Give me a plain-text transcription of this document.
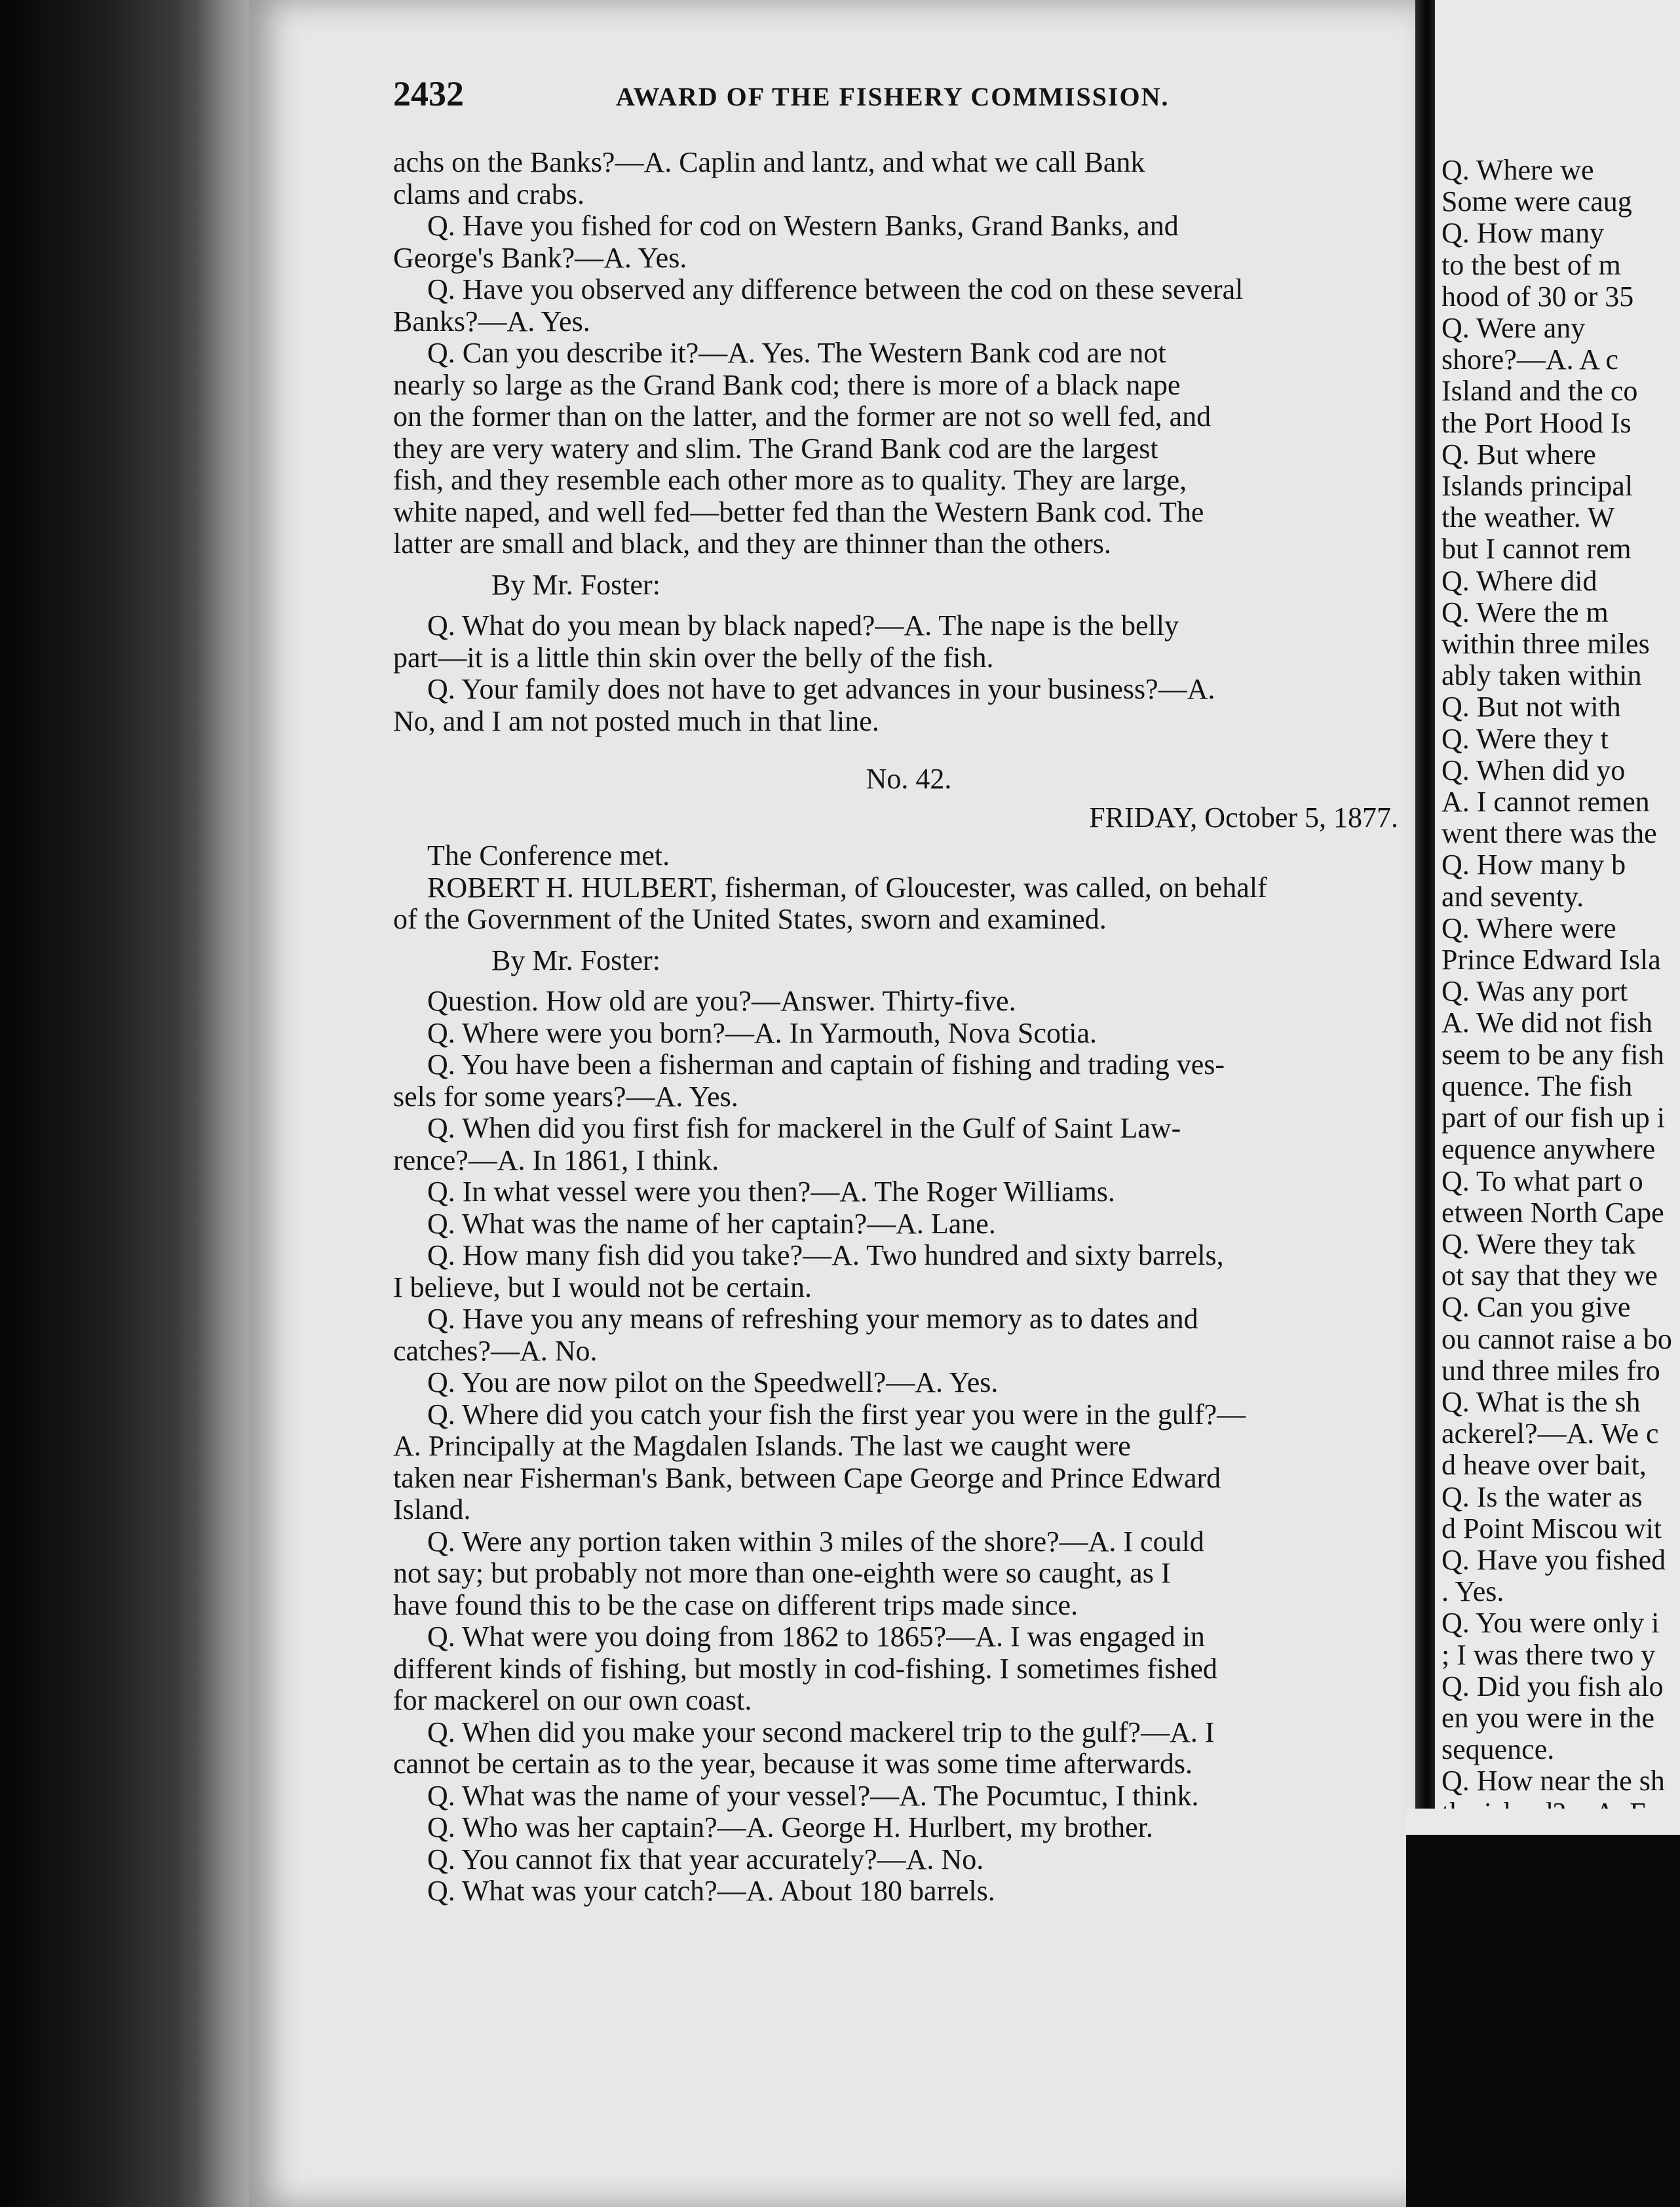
2432	AWARD OF THE FISHERY COMMISSION.

achs on the Banks?—A. Caplin and lantz, and what we call Bank

clams and crabs.

Q. Have you fished for cod on Western Banks, Grand Banks, and

George's Bank?—A. Yes.

Q. Have you observed any difference between the cod on these several

Banks?—A. Yes.

Q. Can you describe it?—A. Yes. The Western Bank cod are not

nearly so large as the Grand Bank cod; there is more of a black nape

on the former than on the latter, and the former are not so well fed, and

they are very watery and slim. The Grand Bank cod are the largest

fish, and they resemble each other more as to quality. They are large,

white naped, and well fed—better fed than the Western Bank cod. The

latter are small and black, and they are thinner than the others.

By Mr. Foster:

Q. What do you mean by black naped?—A. The nape is the belly

part—it is a little thin skin over the belly of the fish.

Q. Your family does not have to get advances in your business?—A.

No, and I am not posted much in that line.

No. 42.

FRIDAY, October 5, 1877.

The Conference met.

ROBERT H. HULBERT, fisherman, of Gloucester, was called, on behalf

of the Government of the United States, sworn and examined.

By Mr. Foster:

Question. How old are you?—Answer. Thirty-five.

Q. Where were you born?—A. In Yarmouth, Nova Scotia.

Q. You have been a fisherman and captain of fishing and trading ves-

sels for some years?—A. Yes.

Q. When did you first fish for mackerel in the Gulf of Saint Law-

rence?—A. In 1861, I think.

Q. In what vessel were you then?—A. The Roger Williams.

Q. What was the name of her captain?—A. Lane.

Q. How many fish did you take?—A. Two hundred and sixty barrels,

I believe, but I would not be certain.

Q. Have you any means of refreshing your memory as to dates and

catches?—A. No.

Q. You are now pilot on the Speedwell?—A. Yes.

Q. Where did you catch your fish the first year you were in the gulf?—

A. Principally at the Magdalen Islands. The last we caught were

taken near Fisherman's Bank, between Cape George and Prince Edward

Island.

Q. Were any portion taken within 3 miles of the shore?—A. I could

not say; but probably not more than one-eighth were so caught, as I

have found this to be the case on different trips made since.

Q. What were you doing from 1862 to 1865?—A. I was engaged in

different kinds of fishing, but mostly in cod-fishing. I sometimes fished

for mackerel on our own coast.

Q. When did you make your second mackerel trip to the gulf?—A. I

cannot be certain as to the year, because it was some time afterwards.

Q. What was the name of your vessel?—A. The Pocumtuc, I think.

Q. Who was her captain?—A. George H. Hurlbert, my brother.

Q. You cannot fix that year accurately?—A. No.

Q. What was your catch?—A. About 180 barrels.

Q. Where we

Some were caug

Q. How many

to the best of m

hood of 30 or 35

Q. Were any

shore?—A. A c

Island and the co

the Port Hood Is

Q. But where

Islands principal

the weather. W

but I cannot rem

Q. Where did

Q. Were the m

within three miles

ably taken within

Q. But not with

Q. Were they t

Q. When did yo

A. I cannot remen

went there was the

Q. How many b

and seventy.

Q. Where were

Prince Edward Isla

Q. Was any port

A. We did not fish

seem to be any fish

quence. The fish

part of our fish up i

equence anywhere

Q. To what part o

etween North Cape

Q. Were they tak

ot say that they we

Q. Can you give

ou cannot raise a bo

und three miles fro

Q. What is the sh

ackerel?—A. We c

d heave over bait,

Q. Is the water as

d Point Miscou wit

Q. Have you fished

. Yes.

Q. You were only i

; I was there two y

Q. Did you fish alo

en you were in the

sequence.

Q. How near the sh
